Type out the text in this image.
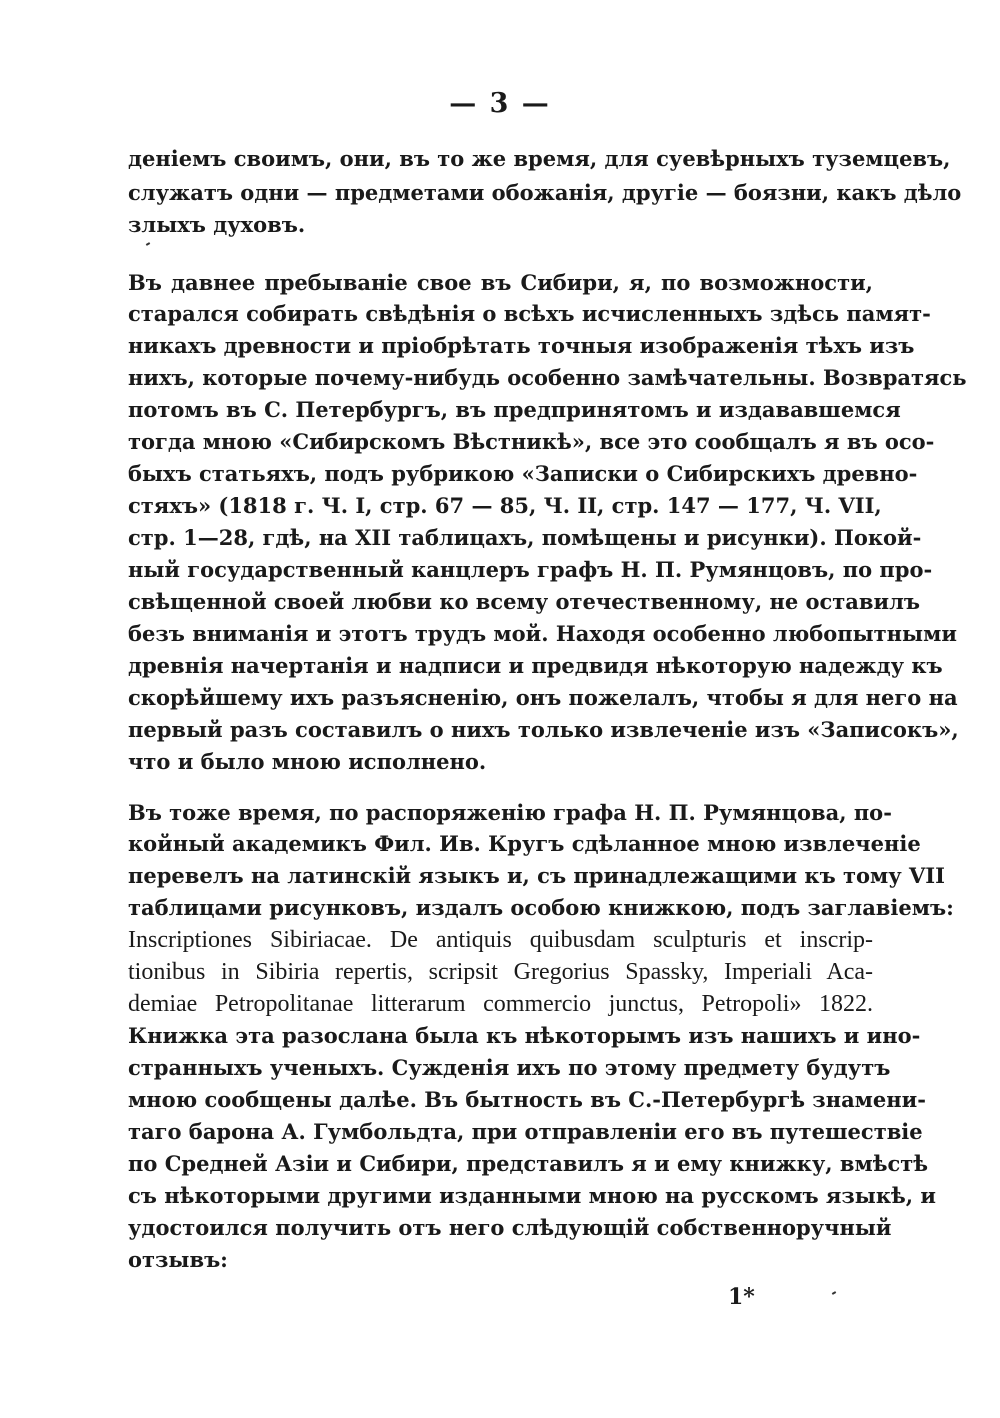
— 3 —

деніемъ своимъ, они, въ то же время, для суевѣрныхъ туземцевъ,

служатъ одни — предметами обожанія, другіе — боязни, какъ дѣло

злыхъ духовъ.

Въ давнее пребываніе свое въ Сибири, я, по возможности,

старался собирать свѣдѣнія о всѣхъ исчисленныхъ здѣсь памят-

никахъ древности и пріобрѣтать точныя изображенія тѣхъ изъ

нихъ, которые почему-нибудь особенно замѣчательны. Возвратясь

потомъ въ С. Петербургъ, въ предпринятомъ и издававшемся

тогда мною «Сибирскомъ Вѣстникѣ», все это сообщалъ я въ осо-

быхъ статьяхъ, подъ рубрикою «Записки о Сибирскихъ древно-

стяхъ» (1818 г. Ч. I, стр. 67 — 85, Ч. II, стр. 147 — 177, Ч. VII,

стр. 1—28, гдѣ, на XII таблицахъ, помѣщены и рисунки). Покой-

ный государственный канцлеръ графъ Н. П. Румянцовъ, по про-

свѣщенной своей любви ко всему отечественному, не оставилъ

безъ вниманія и этотъ трудъ мой. Находя особенно любопытными

древнія начертанія и надписи и предвидя нѣкоторую надежду къ

скорѣйшему ихъ разъясненію, онъ пожелалъ, чтобы я для него на

первый разъ составилъ о нихъ только извлеченіе изъ «Записокъ»,

что и было мною исполнено.

Въ тоже время, по распоряженію графа Н. П. Румянцова, по-

койный академикъ Фил. Ив. Кругъ сдѣланное мною извлеченіе

перевелъ на латинскій языкъ и, съ принадлежащими къ тому VII

таблицами рисунковъ, издалъ особою книжкою, подъ заглавіемъ:

Inscriptiones Sibiriacae. De antiquis quibusdam sculpturis et inscrip-

tionibus in Sibiria repertis, scripsit Gregorius Spassky, Imperiali Aca-

demiae Petropolitanae litterarum commercio junctus, Petropoli» 1822.

Книжка эта разослана была къ нѣкоторымъ изъ нашихъ и ино-

странныхъ ученыхъ. Сужденія ихъ по этому предмету будутъ

мною сообщены далѣе. Въ бытность въ С.-Петербургѣ знамени-

таго барона А. Гумбольдта, при отправленіи его въ путешествіе

по Средней Азіи и Сибири, представилъ я и ему книжку, вмѣстѣ

съ нѣкоторыми другими изданными мною на русскомъ языкѣ, и

удостоился получить отъ него слѣдующій собственноручный

отзывъ:

1*
